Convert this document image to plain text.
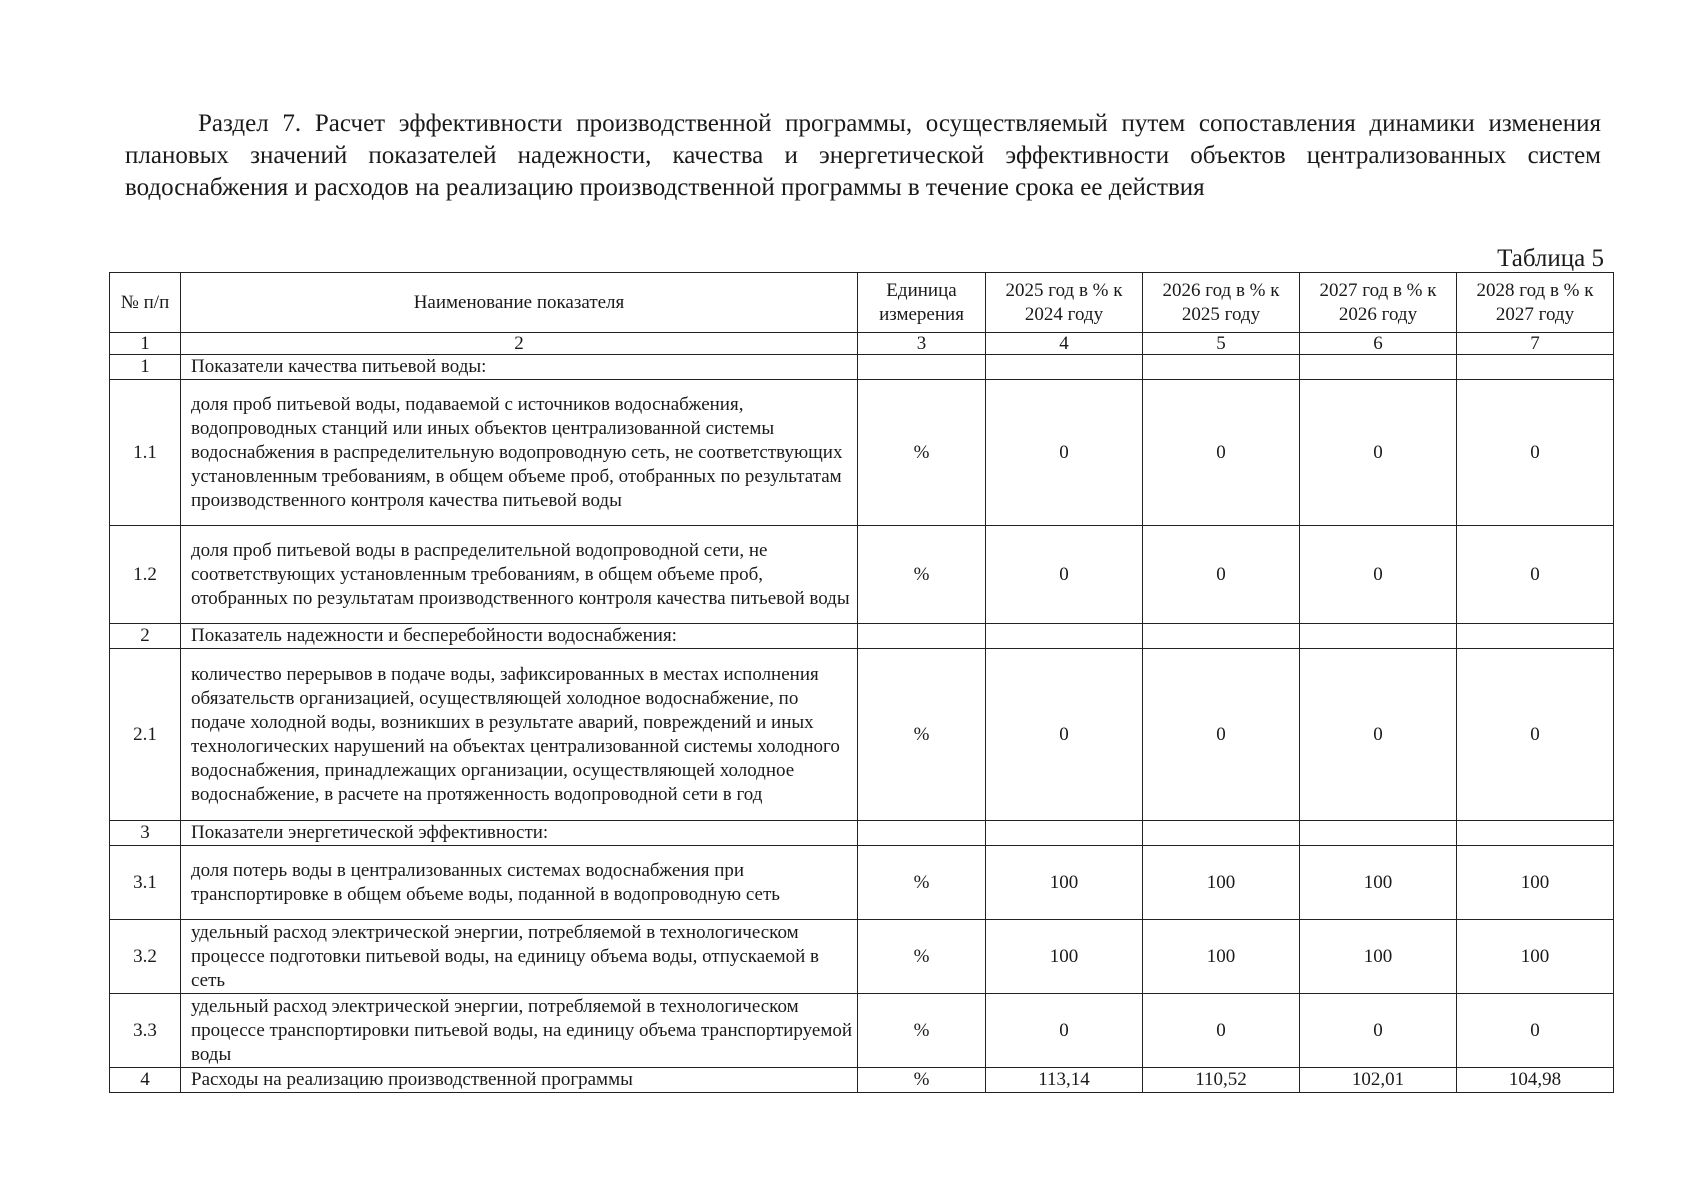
Раздел 7. Расчет эффективности производственной программы, осуществляемый путем сопоставления динамики изменения плановых значений показателей надежности, качества и энергетической эффективности объектов централизованных систем водоснабжения и расходов на реализацию производственной программы в течение срока ее действия

Таблица 5
№ п/п	Наименование показателя	Единица измерения	2025 год в % к 2024 году	2026 год в % к 2025 году	2027 год в % к 2026 году	2028 год в % к 2027 году
1	2	3	4	5	6	7
1	Показатели качества питьевой воды:					
1.1	доля проб питьевой воды, подаваемой с источников водоснабжения, водопроводных станций или иных объектов централизованной системы водоснабжения в распределительную водопроводную сеть, не соответствующих установленным требованиям, в общем объеме проб, отобранных по результатам производственного контроля качества питьевой воды	%	0	0	0	0
1.2	доля проб питьевой воды в распределительной водопроводной сети, не соответствующих установленным требованиям, в общем объеме проб, отобранных по результатам производственного контроля качества питьевой воды	%	0	0	0	0
2	Показатель надежности и бесперебойности водоснабжения:					
2.1	количество перерывов в подаче воды, зафиксированных в местах исполнения обязательств организацией, осуществляющей холодное водоснабжение, по подаче холодной воды, возникших в результате аварий, повреждений и иных технологических нарушений на объектах централизованной системы холодного водоснабжения, принадлежащих организации, осуществляющей холодное водоснабжение, в расчете на протяженность водопроводной сети в год	%	0	0	0	0
3	Показатели энергетической эффективности:					
3.1	доля потерь воды в централизованных системах водоснабжения при транспортировке в общем объеме воды, поданной в водопроводную сеть	%	100	100	100	100
3.2	удельный расход электрической энергии, потребляемой в технологическом процессе подготовки питьевой воды, на единицу объема воды, отпускаемой в сеть	%	100	100	100	100
3.3	удельный расход электрической энергии, потребляемой в технологическом процессе транспортировки питьевой воды, на единицу объема транспортируемой воды	%	0	0	0	0
4	Расходы на реализацию производственной программы	%	113,14	110,52	102,01	104,98
